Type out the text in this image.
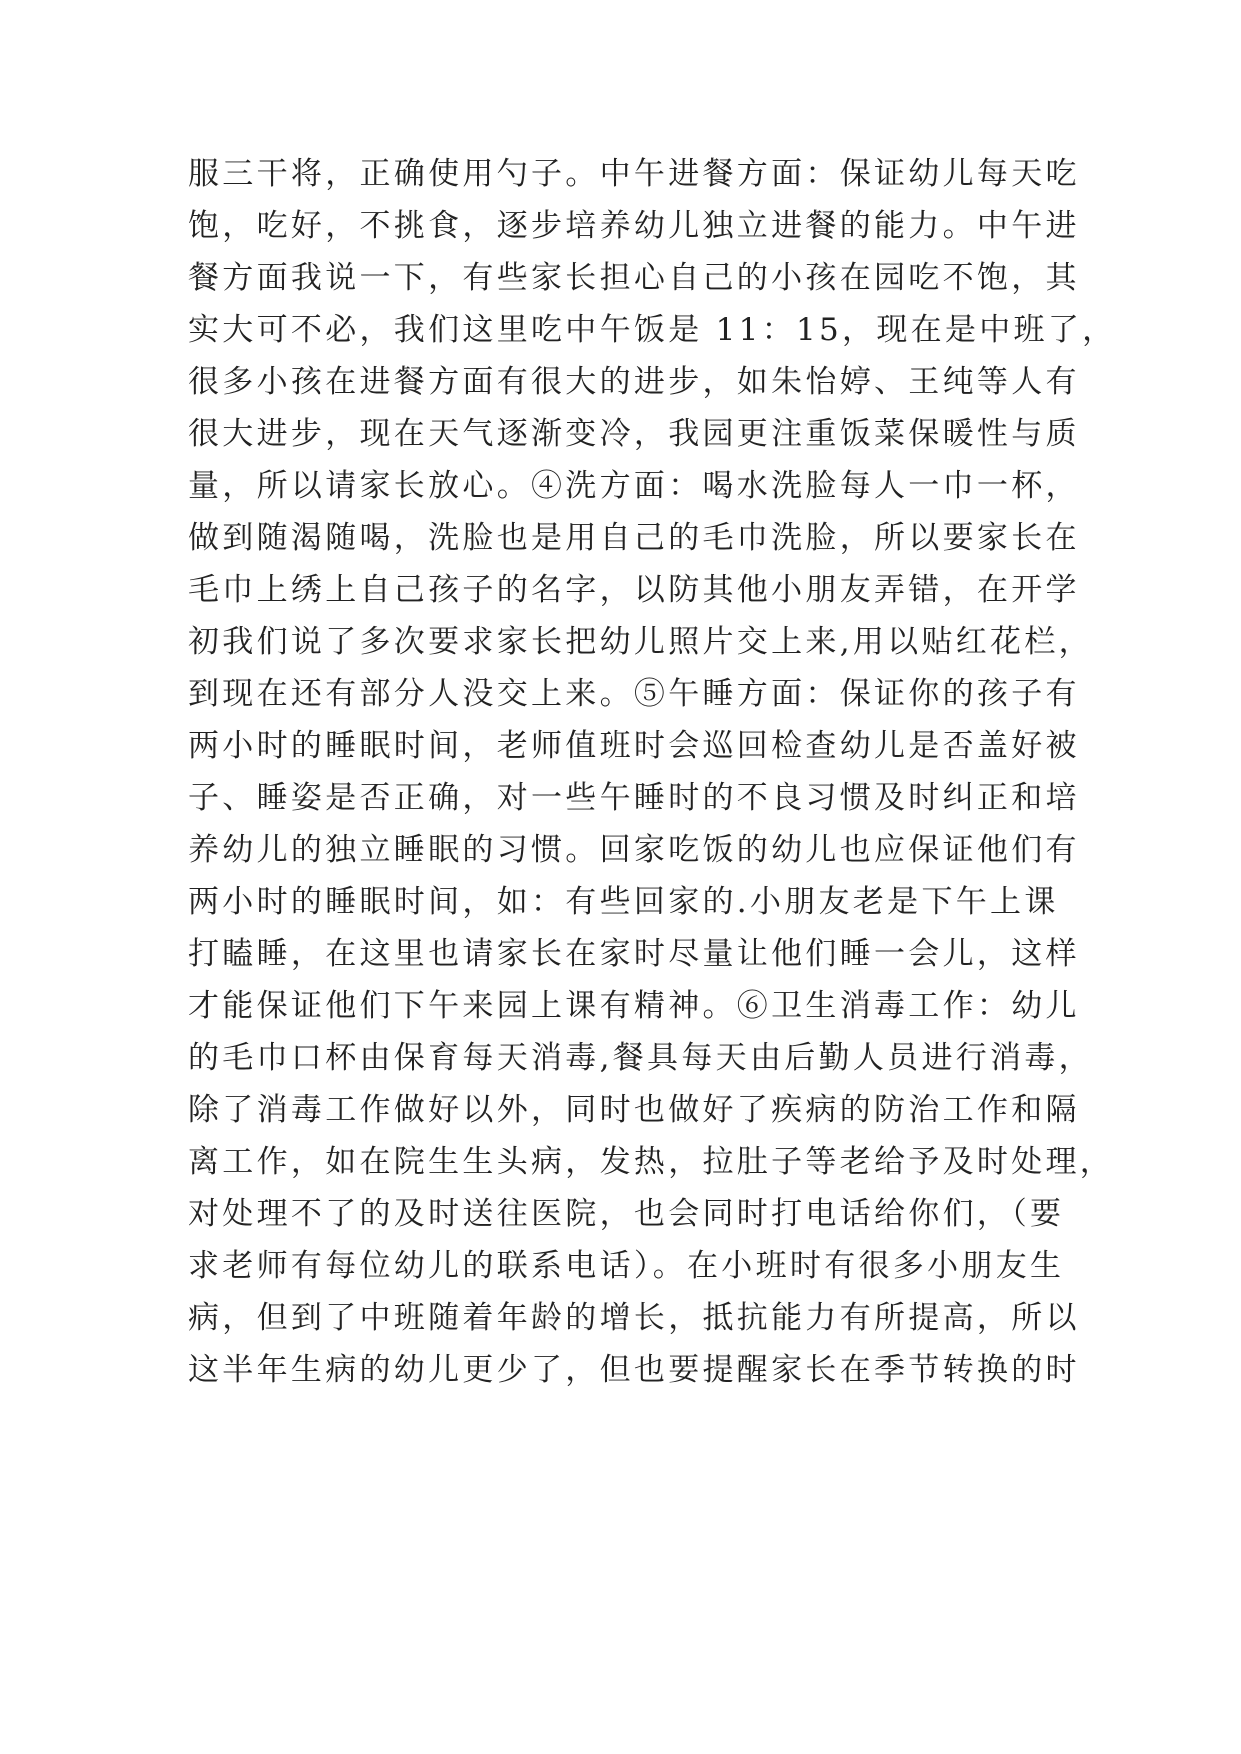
服三干将，正确使用勺子。中午进餐方面：保证幼儿每天吃
饱，吃好，不挑食，逐步培养幼儿独立进餐的能力。中午进
餐方面我说一下，有些家长担心自己的小孩在园吃不饱，其
实大可不必，我们这里吃中午饭是 11：15，现在是中班了，
很多小孩在进餐方面有很大的进步，如朱怡婷、王纯等人有
很大进步，现在天气逐渐变冷，我园更注重饭菜保暖性与质
量，所以请家长放心。④洗方面：喝水洗脸每人一巾一杯，
做到随渴随喝，洗脸也是用自己的毛巾洗脸，所以要家长在
毛巾上绣上自己孩子的名字，以防其他小朋友弄错，在开学
初我们说了多次要求家长把幼儿照片交上来,用以贴红花栏，
到现在还有部分人没交上来。⑤午睡方面：保证你的孩子有
两小时的睡眠时间，老师值班时会巡回检查幼儿是否盖好被
子、睡姿是否正确，对一些午睡时的不良习惯及时纠正和培
养幼儿的独立睡眠的习惯。回家吃饭的幼儿也应保证他们有
两小时的睡眠时间，如：有些回家的.小朋友老是下午上课
打瞌睡，在这里也请家长在家时尽量让他们睡一会儿，这样
才能保证他们下午来园上课有精神。⑥卫生消毒工作：幼儿
的毛巾口杯由保育每天消毒,餐具每天由后勤人员进行消毒，
除了消毒工作做好以外，同时也做好了疾病的防治工作和隔
离工作，如在院生生头病，发热，拉肚子等老给予及时处理，
对处理不了的及时送往医院，也会同时打电话给你们，（要
求老师有每位幼儿的联系电话）。在小班时有很多小朋友生
病，但到了中班随着年龄的增长，抵抗能力有所提高，所以
这半年生病的幼儿更少了，但也要提醒家长在季节转换的时
